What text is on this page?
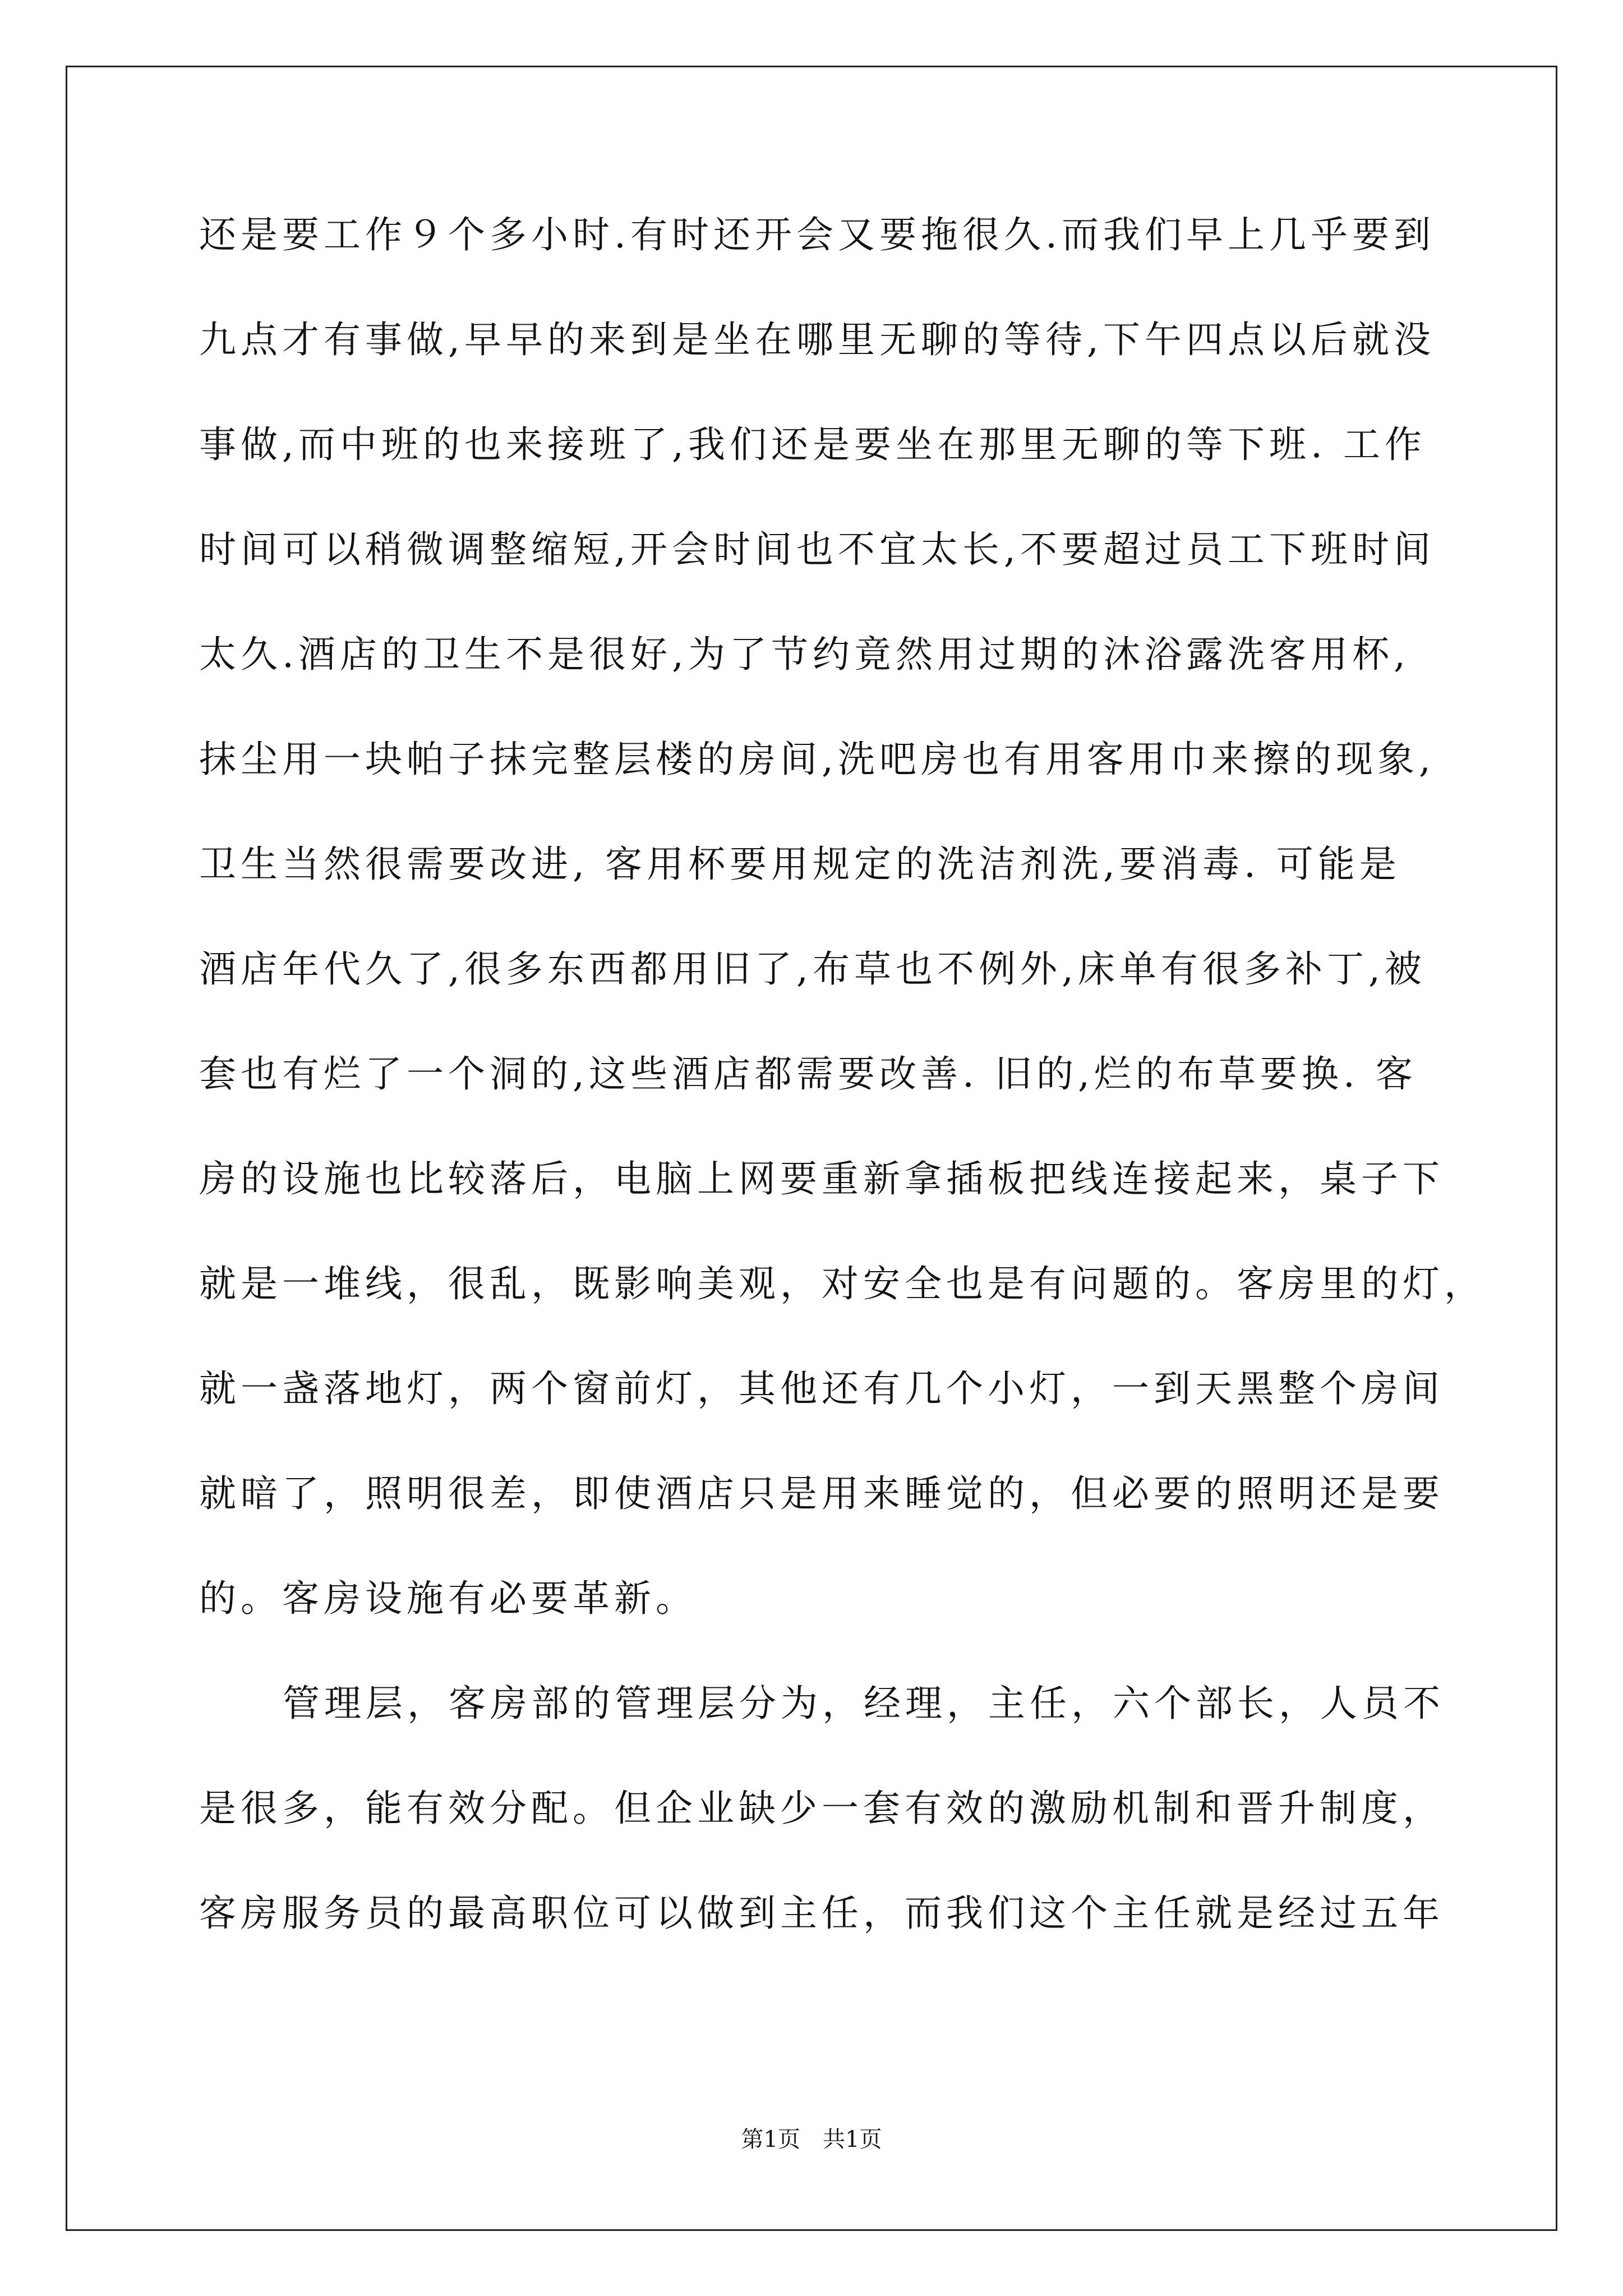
还是要工作９个多小时.有时还开会又要拖很久.而我们早上几乎要到
九点才有事做,早早的来到是坐在哪里无聊的等待,下午四点以后就没
事做,而中班的也来接班了,我们还是要坐在那里无聊的等下班. 工作
时间可以稍微调整缩短,开会时间也不宜太长,不要超过员工下班时间
太久.酒店的卫生不是很好,为了节约竟然用过期的沐浴露洗客用杯,
抹尘用一块帕子抹完整层楼的房间,洗吧房也有用客用巾来擦的现象,
卫生当然很需要改进, 客用杯要用规定的洗洁剂洗,要消毒. 可能是
酒店年代久了,很多东西都用旧了,布草也不例外,床单有很多补丁,被
套也有烂了一个洞的,这些酒店都需要改善. 旧的,烂的布草要换. 客
房的设施也比较落后，电脑上网要重新拿插板把线连接起来，桌子下
就是一堆线，很乱，既影响美观，对安全也是有问题的。客房里的灯，
就一盏落地灯，两个窗前灯，其他还有几个小灯，一到天黑整个房间
就暗了，照明很差，即使酒店只是用来睡觉的，但必要的照明还是要
的。客房设施有必要革新。
管理层，客房部的管理层分为，经理，主任，六个部长，人员不
是很多，能有效分配。但企业缺少一套有效的激励机制和晋升制度，
客房服务员的最高职位可以做到主任，而我们这个主任就是经过五年
第1页　共1页
